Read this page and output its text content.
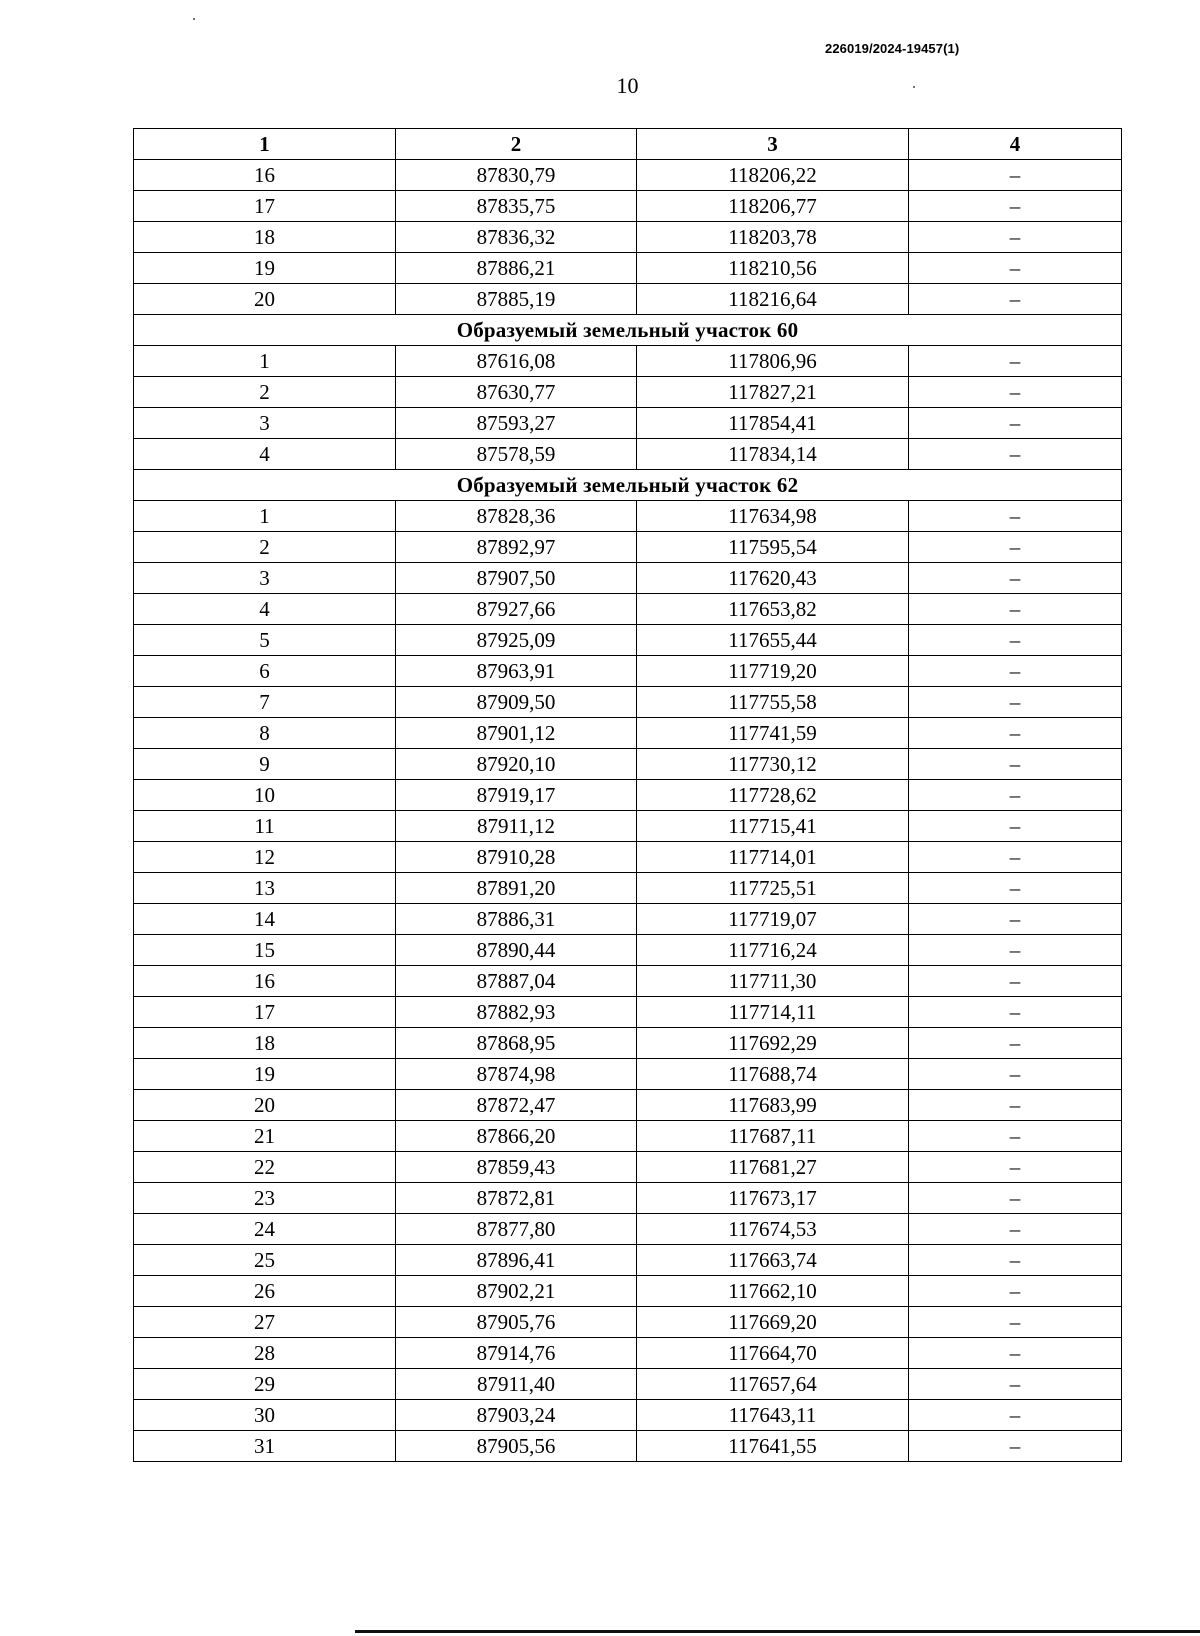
226019/2024-19457(1)
10
1	2	3	4
16	87830,79	118206,22	–
17	87835,75	118206,77	–
18	87836,32	118203,78	–
19	87886,21	118210,56	–
20	87885,19	118216,64	–
Образуемый земельный участок 60			
1	87616,08	117806,96	–
2	87630,77	117827,21	–
3	87593,27	117854,41	–
4	87578,59	117834,14	–
Образуемый земельный участок 62			
1	87828,36	117634,98	–
2	87892,97	117595,54	–
3	87907,50	117620,43	–
4	87927,66	117653,82	–
5	87925,09	117655,44	–
6	87963,91	117719,20	–
7	87909,50	117755,58	–
8	87901,12	117741,59	–
9	87920,10	117730,12	–
10	87919,17	117728,62	–
11	87911,12	117715,41	–
12	87910,28	117714,01	–
13	87891,20	117725,51	–
14	87886,31	117719,07	–
15	87890,44	117716,24	–
16	87887,04	117711,30	–
17	87882,93	117714,11	–
18	87868,95	117692,29	–
19	87874,98	117688,74	–
20	87872,47	117683,99	–
21	87866,20	117687,11	–
22	87859,43	117681,27	–
23	87872,81	117673,17	–
24	87877,80	117674,53	–
25	87896,41	117663,74	–
26	87902,21	117662,10	–
27	87905,76	117669,20	–
28	87914,76	117664,70	–
29	87911,40	117657,64	–
30	87903,24	117643,11	–
31	87905,56	117641,55	–
